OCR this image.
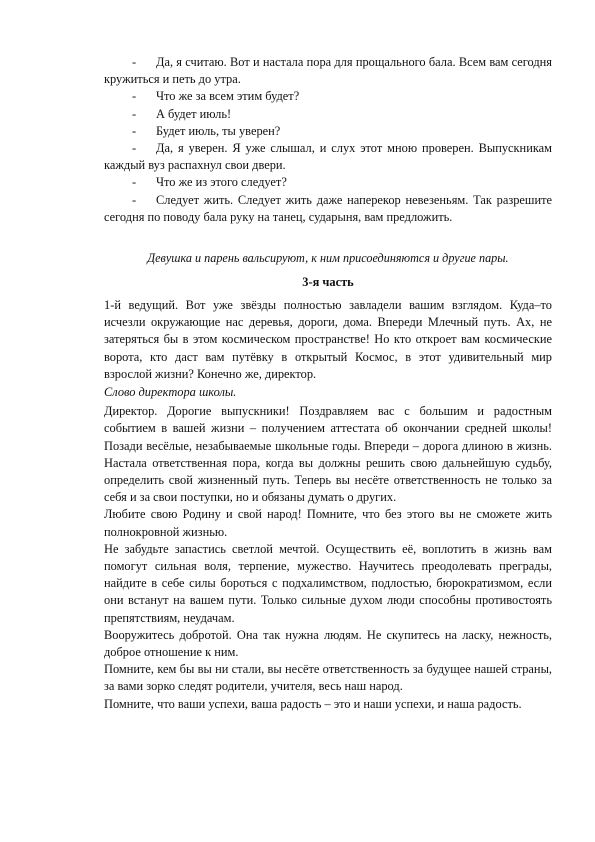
-	Да, я считаю. Вот и настала пора для прощального бала. Всем вам сегодня кружиться и петь до утра.
-	Что же за всем этим будет?
-	А будет июль!
-	Будет июль, ты уверен?
-	Да, я уверен. Я уже слышал, и слух этот мною проверен. Выпускникам каждый вуз распахнул свои двери.
-	Что же из этого следует?
-	Следует жить. Следует жить даже наперекор невезеньям. Так разрешите сегодня по поводу бала руку на танец, сударыня, вам предложить.
Девушка и парень вальсируют, к ним присоединяются и другие пары.
3-я часть

1-й ведущий. Вот уже звёзды полностью завладели вашим взглядом. Куда–то исчезли окружающие нас деревья, дороги, дома. Впереди Млечный путь. Ах, не затеряться бы в этом космическом пространстве! Но кто откроет вам космические ворота, кто даст вам путёвку в открытый Космос, в этот удивительный мир взрослой жизни? Конечно же, директор.

Слово директора школы.

Директор. Дорогие выпускники! Поздравляем вас с большим и радостным событием в вашей жизни – получением аттестата об окончании средней школы! Позади весёлые, незабываемые школьные годы. Впереди – дорога длиною в жизнь. Настала ответственная пора, когда вы должны решить свою дальнейшую судьбу, определить свой жизненный путь. Теперь вы несёте ответственность не только за себя и за свои поступки, но и обязаны думать о других.

Любите свою Родину и свой народ! Помните, что без этого вы не сможете жить полнокровной жизнью.

Не забудьте запастись светлой мечтой. Осуществить её, воплотить в жизнь вам помогут сильная воля, терпение, мужество. Научитесь преодолевать преграды, найдите в себе силы бороться с подхалимством, подлостью, бюрократизмом, если они встанут на вашем пути. Только сильные духом люди способны противостоять препятствиям, неудачам.

Вооружитесь добротой. Она так нужна людям. Не скупитесь на ласку, нежность, доброе отношение к ним.

Помните, кем бы вы ни стали, вы несёте ответственность за будущее нашей страны, за вами зорко следят родители, учителя, весь наш народ.

Помните, что ваши успехи, ваша радость – это и наши успехи, и наша радость.
